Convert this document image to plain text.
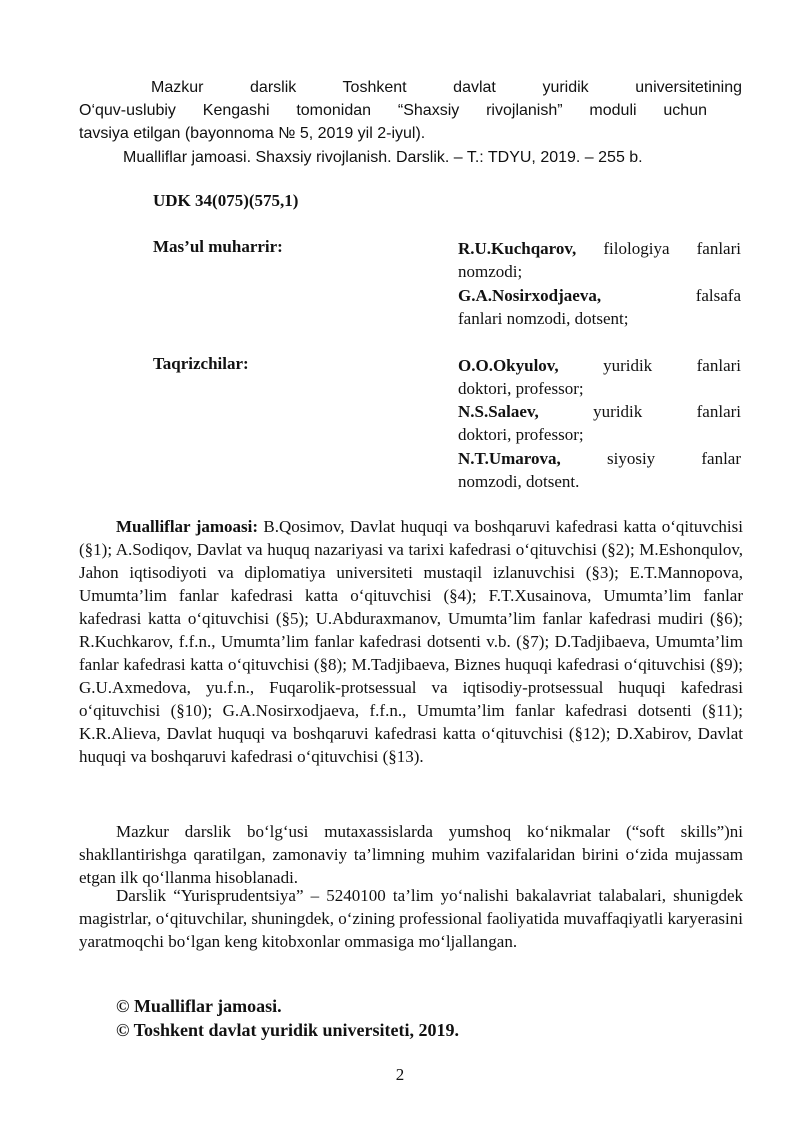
Mazkur darslik Toshkent davlat yuridik universitetining
O‘quv-uslubiy Kengashi tomonidan “Shaxsiy rivojlanish” moduli uchun
tavsiya etilgan (bayonnoma № 5, 2019 yil 2-iyul).
Mualliflar jamoasi. Shaxsiy rivojlanish. Darslik. – T.: TDYU, 2019. – 255 b.
UDK 34(075)(575,1)
Mas’ul muharrir:	R.U.Kuchqarov, filologiya fanlari
nomzodi;
G.A.Nosirxodjaeva,	falsafa
fanlari nomzodi, dotsent;
Taqrizchilar:	O.O.Okyulov,	yuridik fanlari
doktori, professor;
N.S.Salaev,	yuridik fanlari
doktori, professor;
N.T.Umarova,	siyosiy fanlar
nomzodi, dotsent.
Mualliflar jamoasi: B.Qosimov, Davlat huquqi va boshqaruvi kafedrasi katta o‘qituvchisi (§1); A.Sodiqov, Davlat va huquq nazariyasi va tarixi kafedrasi o‘qituvchisi (§2); M.Eshonqulov, Jahon iqtisodiyoti va diplomatiya universiteti mustaqil izlanuvchisi (§3); E.T.Mannopova, Umumta’lim fanlar kafedrasi katta o‘qituvchisi (§4); F.T.Xusainova, Umumta’lim fanlar kafedrasi katta o‘qituvchisi (§5); U.Abduraxmanov, Umumta’lim fanlar kafedrasi mudiri (§6); R.Kuchkarov, f.f.n., Umumta’lim fanlar kafedrasi dotsenti v.b. (§7); D.Tadjibaeva, Umumta’lim fanlar kafedrasi katta o‘qituvchisi (§8); M.Tadjibaeva, Biznes huquqi kafedrasi o‘qituvchisi (§9); G.U.Axmedova, yu.f.n., Fuqarolik-protsessual va iqtisodiy-protsessual huquqi kafedrasi o‘qituvchisi (§10); G.A.Nosirxodjaeva, f.f.n., Umumta’lim fanlar kafedrasi dotsenti (§11); K.R.Alieva, Davlat huquqi va boshqaruvi kafedrasi katta o‘qituvchisi (§12); D.Xabirov, Davlat huquqi va boshqaruvi kafedrasi o‘qituvchisi (§13).
Mazkur darslik bo‘lg‘usi mutaxassislarda yumshoq ko‘nikmalar (“soft skills”)ni shakllantirishga qaratilgan, zamonaviy ta’limning muhim vazifalaridan birini o‘zida mujassam etgan ilk qo‘llanma hisoblanadi.
Darslik “Yurisprudentsiya” – 5240100 ta’lim yo‘nalishi bakalavriat talabalari, shunigdek magistrlar, o‘qituvchilar, shuningdek, o‘zining professional faoliyatida muvaffaqiyatli karyerasini yaratmoqchi bo‘lgan keng kitobxonlar ommasiga mo‘ljallangan.
© Mualliflar jamoasi.
© Toshkent davlat yuridik universiteti, 2019.
2
